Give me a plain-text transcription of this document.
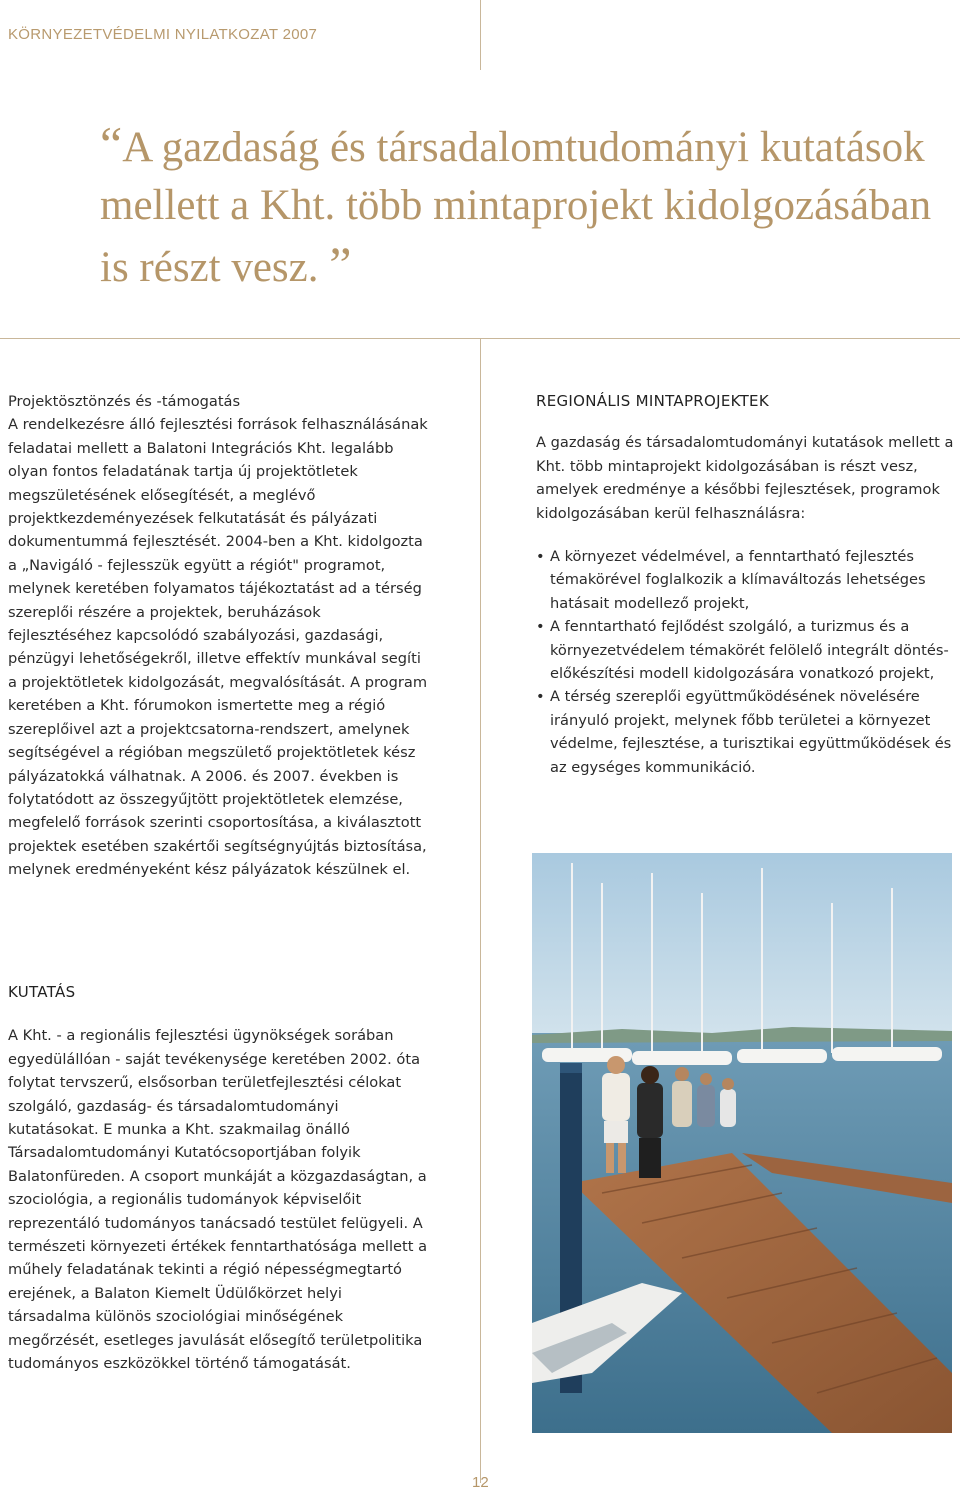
KÖRNYEZETVÉDELMI NYILATKOZAT 2007
“A gazdaság és társadalomtudományi kutatások mellett a Kht. több mintaprojekt kidolgozásában is részt vesz. ”

Projektösztönzés és -támogatás

A rendelkezésre álló fejlesztési források felhasználásának feladatai mellett a Balatoni Integrációs Kht. legalább olyan fontos feladatának tartja új projektötletek megszületésének elősegítését, a meglévő projektkezdeményezések felkutatását és pályázati dokumentummá fejlesztését. 2004-ben a Kht. kidolgozta a „Navigáló - fejlesszük együtt a régiót" programot, melynek keretében folyamatos tájékoztatást ad a térség szereplői részére a projektek, beruházások fejlesztéséhez kapcsolódó szabályozási, gazdasági, pénzügyi lehetőségekről, illetve effektív munkával segíti a projektötletek kidolgozását, megvalósítását. A program keretében a Kht. fórumokon ismertette meg a régió szereplőivel azt a projektcsatorna-rendszert, amelynek segítségével a régióban megszülető projektötletek kész pályázatokká válhatnak. A 2006. és 2007. években is folytatódott az összegyűjtött projektötletek elemzése, megfelelő források szerinti csoportosítása, a kiválasztott projektek esetében szakértői segítségnyújtás biztosítása, melynek eredményeként kész pályázatok készülnek el.

REGIONÁLIS MINTAPROJEKTEK

A gazdaság és társadalomtudományi kutatások mellett a Kht. több mintaprojekt kidolgozásában is részt vesz, amelyek eredménye a későbbi fejlesztések, programok kidolgozásában kerül felhasználásra:

• A környezet védelmével, a fenntartható fejlesztés témakörével foglalkozik a klímaváltozás lehetséges hatásait modellező projekt,
• A fenntartható fejlődést szolgáló, a turizmus és a környezetvédelem témakörét felölelő integrált döntés-előkészítési modell kidolgozására vonatkozó projekt,
• A térség szereplői együttműködésének növelésére irányuló projekt, melynek főbb területei a környezet védelme, fejlesztése, a turisztikai együttműködések és az egységes kommunikáció.

KUTATÁS

A Kht. - a regionális fejlesztési ügynökségek sorában egyedülállóan - saját tevékenysége keretében 2002. óta folytat tervszerű, elsősorban területfejlesztési célokat szolgáló, gazdaság- és társadalomtudományi kutatásokat. E munka a Kht. szakmailag önálló Társadalomtudományi Kutatócsoportjában folyik Balatonfüreden. A csoport munkáját a közgazdaságtan, a szociológia, a regionális tudományok képviselőit reprezentáló tudományos tanácsadó testület felügyeli. A természeti környezeti értékek fenntarthatósága mellett a műhely feladatának tekinti a régió népességmegtartó erejének, a Balaton Kiemelt Üdülőkörzet helyi társadalma különös szociológiai minőségének megőrzését, esetleges javulását elősegítő területpolitika tudományos eszközökkel történő támogatását.

12
